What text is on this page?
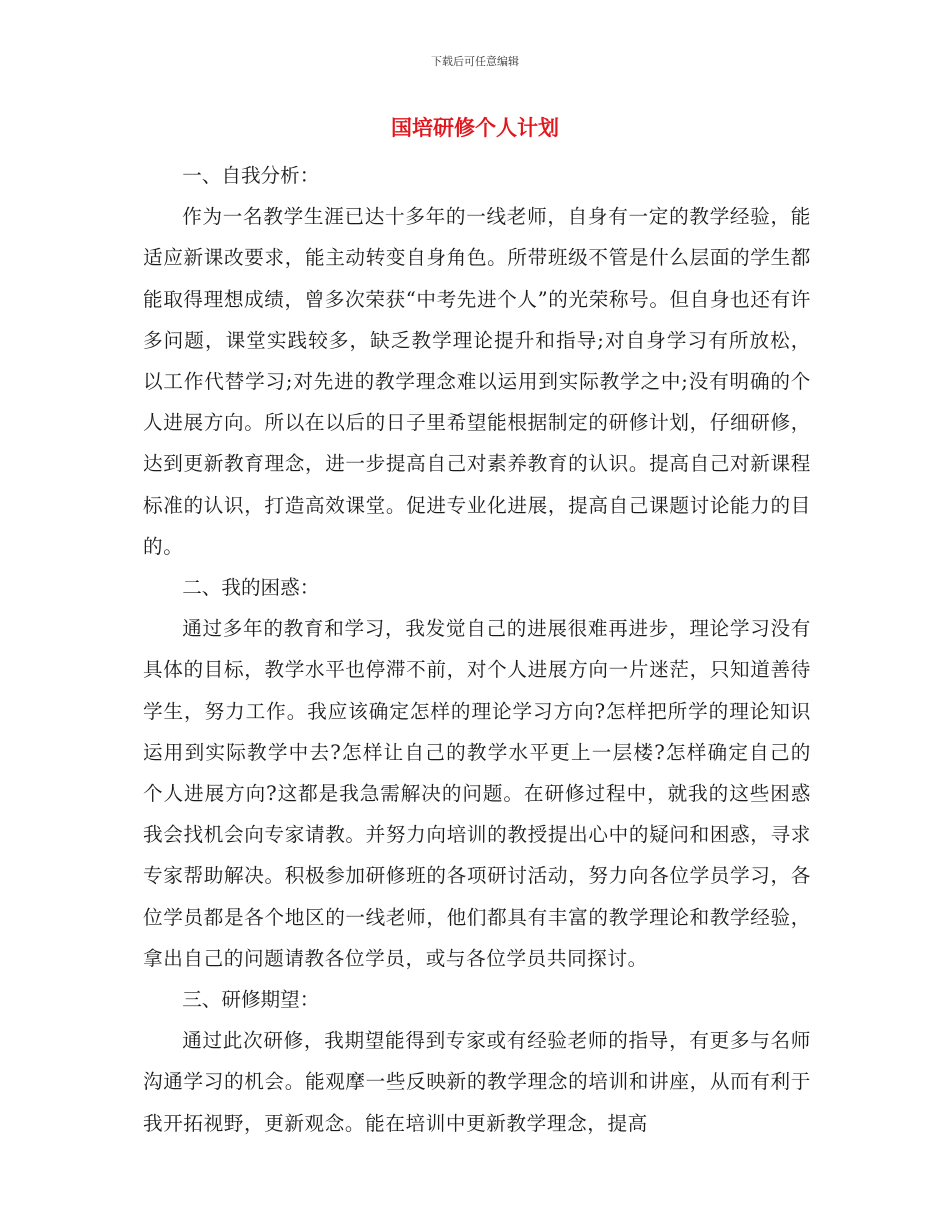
下载后可任意编辑
国培研修个人计划

一、自我分析：

作为一名教学生涯已达十多年的一线老师，自身有一定的教学经验，能适应新课改要求，能主动转变自身角色。所带班级不管是什么层面的学生都能取得理想成绩，曾多次荣获“中考先进个人”的光荣称号。但自身也还有许多问题，课堂实践较多，缺乏教学理论提升和指导;对自身学习有所放松，以工作代替学习;对先进的教学理念难以运用到实际教学之中;没有明确的个人进展方向。所以在以后的日子里希望能根据制定的研修计划，仔细研修，达到更新教育理念，进一步提高自己对素养教育的认识。提高自己对新课程标准的认识，打造高效课堂。促进专业化进展，提高自己课题讨论能力的目的。

二、我的困惑：

通过多年的教育和学习，我发觉自己的进展很难再进步，理论学习没有具体的目标，教学水平也停滞不前，对个人进展方向一片迷茫，只知道善待学生，努力工作。我应该确定怎样的理论学习方向?怎样把所学的理论知识运用到实际教学中去?怎样让自己的教学水平更上一层楼?怎样确定自己的个人进展方向?这都是我急需解决的问题。在研修过程中，就我的这些困惑我会找机会向专家请教。并努力向培训的教授提出心中的疑问和困惑，寻求专家帮助解决。积极参加研修班的各项研讨活动，努力向各位学员学习，各位学员都是各个地区的一线老师，他们都具有丰富的教学理论和教学经验，拿出自己的问题请教各位学员，或与各位学员共同探讨。

三、研修期望：

通过此次研修，我期望能得到专家或有经验老师的指导，有更多与名师沟通学习的机会。能观摩一些反映新的教学理念的培训和讲座，从而有利于我开拓视野，更新观念。能在培训中更新教学理念，提高
